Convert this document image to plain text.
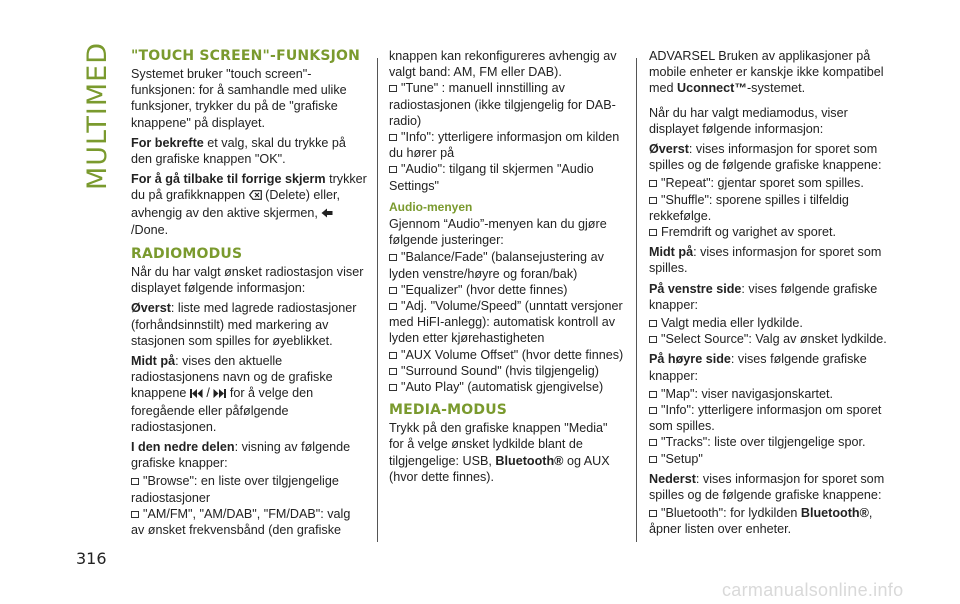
MULTIMEDIA "TOUCH SCREEN"-FUNKSJON

Systemet bruker "touch screen"-funksjonen: for å samhandle med ulike funksjoner, trykker du på de "grafiske knappene" på displayet.

For bekrefte et valg, skal du trykke på den grafiske knappen "OK".

For å gå tilbake til forrige skjerm trykker du på grafikknappen  (Delete) eller, avhengig av den aktive skjermen,
/Done.

RADIOMODUS

Når du har valgt ønsket radiostasjon viser displayet følgende informasjon:

Øverst: liste med lagrede radiostasjoner (forhåndsinnstilt) med markering av stasjonen som spilles for øyeblikket.

Midt på: vises den aktuelle radiostasjonens navn og de grafiske knappene  /  for å velge den foregående eller påfølgende radiostasjonen.

I den nedre delen: visning av følgende grafiske knapper:

"Browse": en liste over tilgjengelige radiostasjoner
"AM/FM", "AM/DAB", "FM/DAB": valg av ønsket frekvensbånd (den grafiske

knappen kan rekonfigureres avhengig av valgt band: AM, FM eller DAB).

"Tune" : manuell innstilling av radiostasjonen (ikke tilgjengelig for DAB-radio)
"Info": ytterligere informasjon om kilden du hører på
"Audio": tilgang til skjermen "Audio Settings"
Audio-menyen

Gjennom “Audio”-menyen kan du gjøre følgende justeringer:

"Balance/Fade" (balansejustering av lyden venstre/høyre og foran/bak)
"Equalizer" (hvor dette finnes)
"Adj. "Volume/Speed” (unntatt versjoner med HiFI-anlegg): automatisk kontroll av lyden etter kjørehastigheten
"AUX Volume Offset" (hvor dette finnes)
"Surround Sound" (hvis tilgjengelig)
"Auto Play" (automatisk gjengivelse)
MEDIA-MODUS

Trykk på den grafiske knappen "Media" for å velge ønsket lydkilde blant de tilgjengelige: USB, Bluetooth® og AUX (hvor dette finnes).

ADVARSEL Bruken av applikasjoner på mobile enheter er kanskje ikke kompatibel med Uconnect™-systemet.

Når du har valgt mediamodus, viser displayet følgende informasjon:

Øverst: vises informasjon for sporet som spilles og de følgende grafiske knappene:

"Repeat": gjentar sporet som spilles.
"Shuffle": sporene spilles i tilfeldig rekkefølge.
Fremdrift og varighet av sporet.

Midt på: vises informasjon for sporet som spilles.

På venstre side: vises følgende grafiske knapper:

Valgt media eller lydkilde.
"Select Source": Valg av ønsket lydkilde.

På høyre side: vises følgende grafiske knapper:

"Map": viser navigasjonskartet.
"Info": ytterligere informasjon om sporet som spilles.
"Tracks": liste over tilgjengelige spor.
"Setup"

Nederst: vises informasjon for sporet som spilles og de følgende grafiske knappene:

"Bluetooth": for lydkilden Bluetooth®, åpner listen over enheter.
316
carmanualsonline.info
